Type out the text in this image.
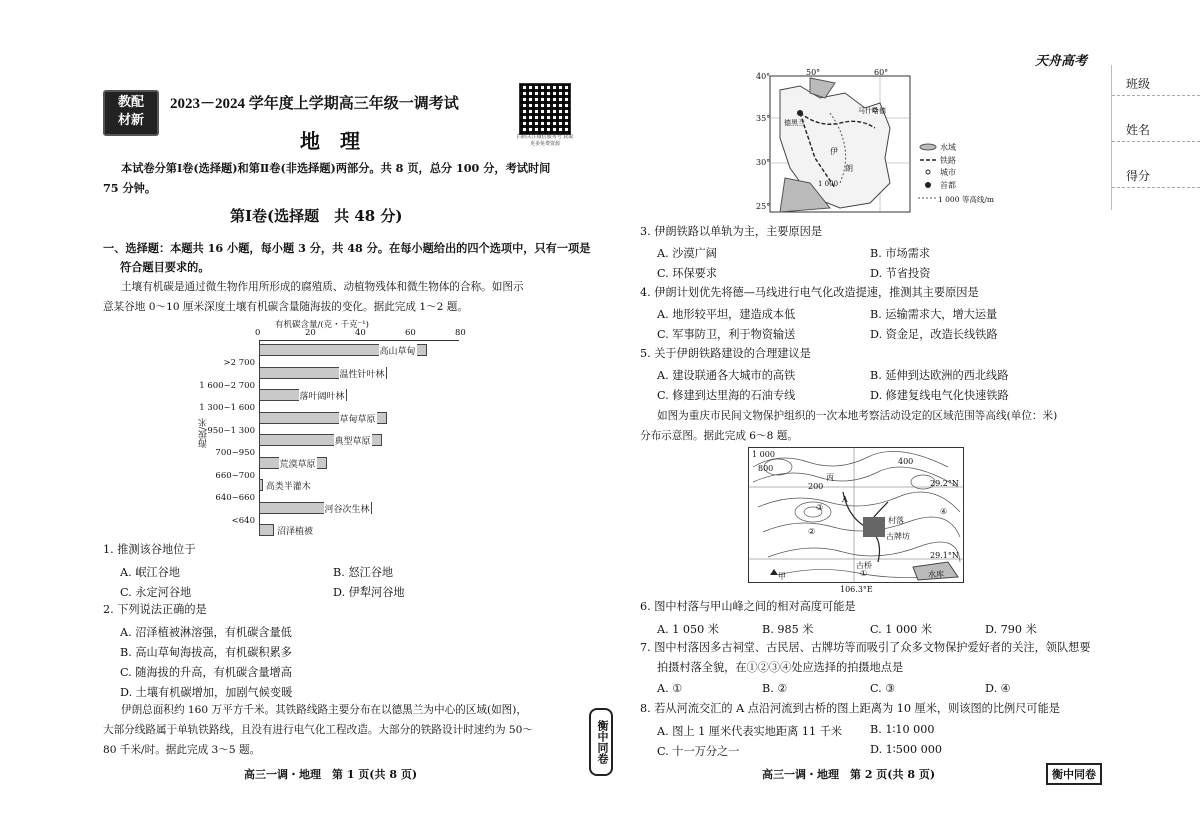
教配
材新
2023－2024 学年度上学期高三年级一调考试
地　理	扫码关注微信服务号 获取更多免费资源
本试卷分第Ⅰ卷(选择题)和第Ⅱ卷(非选择题)两部分。共 8 页，总分 100 分，考试时间
75 分钟。
第Ⅰ卷(选择题　共 48 分)
一、选择题：本题共 16 小题，每小题 3 分，共 48 分。在每小题给出的四个选项中，只有一项是
符合题目要求的。
土壤有机碳是通过微生物作用所形成的腐殖质、动植物残体和微生物体的合称。如图示
意某谷地 0～10 厘米深度土壤有机碳含量随海拔的变化。据此完成 1～2 题。
有机碳含量/(克・千克⁻¹)
0	20	40	60	80
海拔/米
高山草甸
温性针叶林
落叶阔叶林
草甸草原
典型草原
荒漠草原
高类半灌木
河谷次生林
沼泽植被
>2 700
1 600~2 700
1 300~1 600
950~1 300
700~950
660~700
640~660
<640
1. 推测该谷地位于
A. 岷江谷地	B. 怒江谷地
C. 永定河谷地	D. 伊犁河谷地
2. 下列说法正确的是
A. 沼泽植被淋溶强，有机碳含量低
B. 高山草甸海拔高，有机碳积累多
C. 随海拔的升高，有机碳含量增高
D. 土壤有机碳增加，加剧气候变暖
伊朗总面积约 160 万平方千米。其铁路线路主要分布在以德黑兰为中心的区域(如图)，
大部分线路属于单轨铁路线，且没有进行电气化工程改造。大部分的铁路设计时速约为 50～
80 千米/时。据此完成 3～5 题。
高三一调・地理　第 1 页(共 8 页)
衡中同卷
天舟高考
班级
姓名
得分
40°
35°
30°
25°
50°	60°
马什哈德
德黑兰
伊
朗
1 000
水域
铁路
城市
首都
1 000 等高线/m
3. 伊朗铁路以单轨为主，主要原因是
A. 沙漠广阔	B. 市场需求
C. 环保要求	D. 节省投资
4. 伊朗计划优先将德—马线进行电气化改造提速，推测其主要原因是
A. 地形较平坦，建造成本低	B. 运输需求大，增大运量
C. 军事防卫，利于物资输送	D. 资金足，改造长线铁路
5. 关于伊朗铁路建设的合理建议是
A. 建设联通各大城市的高铁	B. 延伸到达欧洲的西北线路
C. 修建到达里海的石油专线	D. 修建复线电气化快速铁路
如图为重庆市民间文物保护组织的一次本地考察活动设定的区域范围等高线(单位：米)
分布示意图。据此完成 6～8 题。
1 000
800
400
甲
丙
200
A
村落
古牌坊
古桥
水库
①
②
③	④
29.2°N
29.1°N
106.3°E
6. 图中村落与甲山峰之间的相对高度可能是
A. 1 050 米	B. 985 米	C. 1 000 米	D. 790 米
7. 图中村落因多古祠堂、古民居、古牌坊等而吸引了众多文物保护爱好者的关注，领队想要
拍摄村落全貌，在①②③④处应选择的拍摄地点是
A. ①	B. ②	C. ③	D. ④
8. 若从河流交汇的 A 点沿河流到古桥的图上距离为 10 厘米，则该图的比例尺可能是
A. 图上 1 厘米代表实地距离 11 千米 B. 1∶10 000
C. 十一万分之一	D. 1∶500 000
高三一调・地理　第 2 页(共 8 页)	衡中同卷
